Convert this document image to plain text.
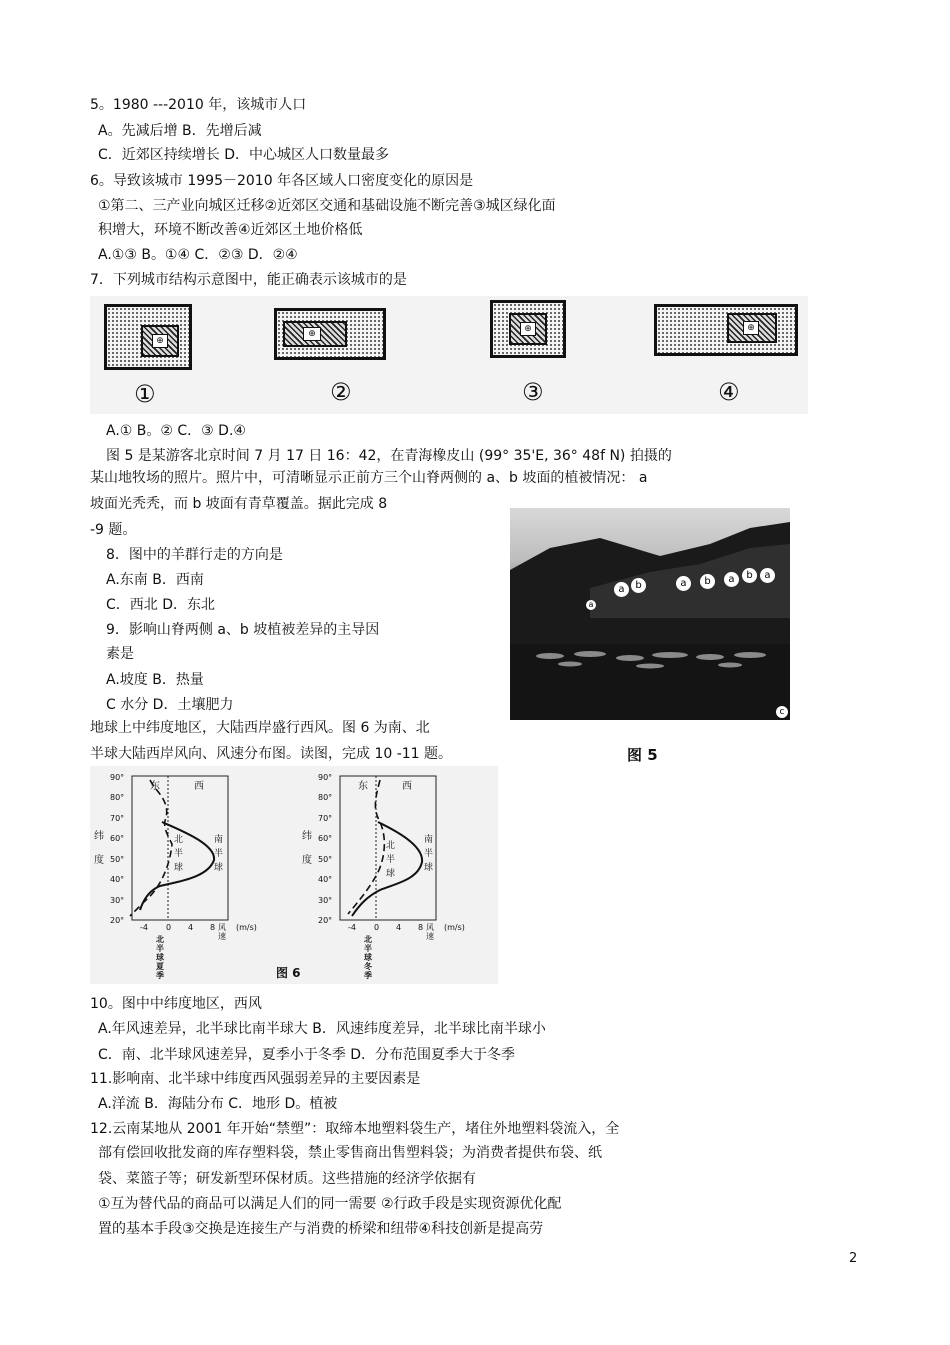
5。1980 ---2010 年，该城市人口
A。先减后增 B．先增后减
C．近郊区持续增长 D．中心城区人口数量最多
6。导致该城市 1995－2010 年各区域人口密度变化的原因是
①第二、三产业向城区迁移②近郊区交通和基础设施不断完善③城区绿化面
积增大，环境不断改善④近郊区土地价格低
A.①③ B。①④ C．②③ D．②④
7．下列城市结构示意图中，能正确表示该城市的是
⊕
①
⊕
②
⊕
③
⊕
④
A.① B。② C．③ D.④
图 5 是某游客北京时间 7 月 17 日 16：42，在青海橡皮山 (99° 35'E, 36° 48f N) 拍摄的
某山地牧场的照片。照片中，可清晰显示正前方三个山脊两侧的 a、b 坡面的植被情况： a
坡面光秃秃，而 b 坡面有青草覆盖。据此完成 8
-9 题。
8．图中的羊群行走的方向是
A.东南 B．西南
C．西北 D．东北
9．影响山脊两侧 a、b 坡植被差异的主导因
素是
A.坡度 B．热量
C 水分 D．土壤肥力
a	b	a	b	a	b	a
a
c
图 5
地球上中纬度地区，大陆西岸盛行西风。图 6 为南、北
半球大陆西岸风向、风速分布图。读图，完成 10 -11 题。
90°
80°
70°
60°
50°
40°
30°
20°
纬
度
东	西
北
半
球
南
半
球
-4 0 4 8 风速
(m/s)
北半球夏季
90°
80°
70°
60°
50°
40°
30°
20°
纬
度
东	西
北
半
球
南
半
球
-4 0 4 8 风速
(m/s)
北半球冬季
图 6
10。图中中纬度地区，西风
A.年风速差异，北半球比南半球大 B．风速纬度差异，北半球比南半球小
C．南、北半球风速差异，夏季小于冬季 D．分布范围夏季大于冬季
11.影响南、北半球中纬度西风强弱差异的主要因素是
A.洋流 B．海陆分布 C．地形 D。植被
12.云南某地从 2001 年开始“禁塑”：取缔本地塑料袋生产，堵住外地塑料袋流入，全
部有偿回收批发商的库存塑料袋，禁止零售商出售塑料袋；为消费者提供布袋、纸
袋、菜篮子等；研发新型环保材质。这些措施的经济学依据有
①互为替代品的商品可以满足人们的同一需要 ②行政手段是实现资源优化配
置的基本手段③交换是连接生产与消费的桥梁和纽带④科技创新是提高劳
2
